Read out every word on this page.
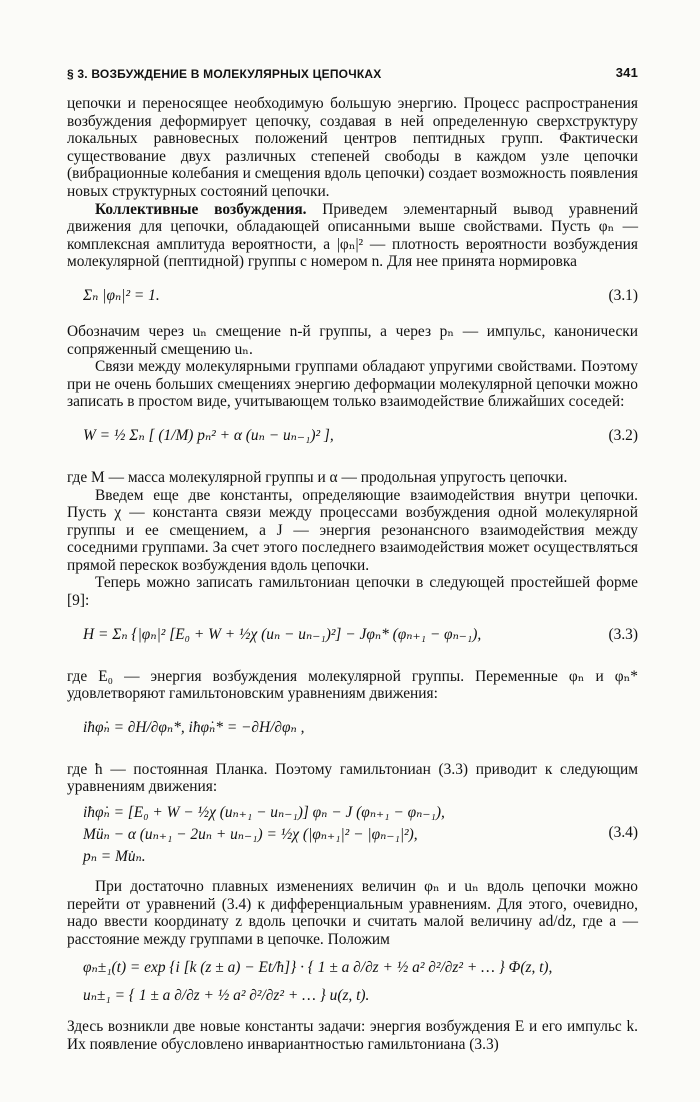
§ 3. ВОЗБУЖДЕНИЕ В МОЛЕКУЛЯРНЫХ ЦЕПОЧКАХ	341

цепочки и переносящее необходимую большую энергию. Процесс распространения возбуждения деформирует цепочку, создавая в ней определенную сверхструктуру локальных равновесных положений центров пептидных групп. Фактически существование двух различных степеней свободы в каждом узле цепочки (вибрационные колебания и смещения вдоль цепочки) создает возможность появления новых структурных состояний цепочки.

Коллективные возбуждения. Приведем элементарный вывод уравнений движения для цепочки, обладающей описанными выше свойствами. Пусть φₙ — комплексная амплитуда вероятности, а |φₙ|² — плотность вероятности возбуждения молекулярной (пептидной) группы с номером n. Для нее принята нормировка

Σₙ |φₙ|² = 1.	(3.1)

Обозначим через uₙ смещение n-й группы, а через pₙ — импульс, канонически сопряженный смещению uₙ.

Связи между молекулярными группами обладают упругими свойствами. Поэтому при не очень больших смещениях энергию деформации молекулярной цепочки можно записать в простом виде, учитывающем только взаимодействие ближайших соседей:

W = ½ Σₙ [ (1/M) pₙ² + α (uₙ − uₙ₋₁)² ],	(3.2)

где M — масса молекулярной группы и α — продольная упругость цепочки.

Введем еще две константы, определяющие взаимодействия внутри цепочки. Пусть χ — константа связи между процессами возбуждения одной молекулярной группы и ее смещением, а J — энергия резонансного взаимодействия между соседними группами. За счет этого последнего взаимодействия может осуществляться прямой перескок возбуждения вдоль цепочки.

Теперь можно записать гамильтониан цепочки в следующей простейшей форме [9]:

H = Σₙ {|φₙ|² [E₀ + W + ½χ (uₙ − uₙ₋₁)²] − Jφₙ* (φₙ₊₁ − φₙ₋₁),	(3.3)

где E₀ — энергия возбуждения молекулярной группы. Переменные φₙ и φₙ* удовлетворяют гамильтоновским уравнениям движения:

iħφ̇ₙ = ∂H/∂φₙ*, iħφ̇ₙ* = −∂H/∂φₙ ,

где ħ — постоянная Планка. Поэтому гамильтониан (3.3) приводит к следующим уравнениям движения:

iħφ̇ₙ = [E₀ + W − ½χ (uₙ₊₁ − uₙ₋₁)] φₙ − J (φₙ₊₁ − φₙ₋₁),
Müₙ − α (uₙ₊₁ − 2uₙ + uₙ₋₁) = ½χ (|φₙ₊₁|² − |φₙ₋₁|²),
pₙ = Mu̇ₙ.
(3.4)

При достаточно плавных изменениях величин φₙ и uₙ вдоль цепочки можно перейти от уравнений (3.4) к дифференциальным уравнениям. Для этого, очевидно, надо ввести координату z вдоль цепочки и считать малой величину ad/dz, где a — расстояние между группами в цепочке. Положим

φₙ±₁(t) = exp {i [k (z ± a) − Et/ħ]} · { 1 ± a ∂/∂z + ½ a² ∂²/∂z² + … } Φ(z, t),
uₙ±₁ = { 1 ± a ∂/∂z + ½ a² ∂²/∂z² + … } u(z, t).

Здесь возникли две новые константы задачи: энергия возбуждения E и его импульс k. Их появление обусловлено инвариантностью гамильтониана (3.3)
